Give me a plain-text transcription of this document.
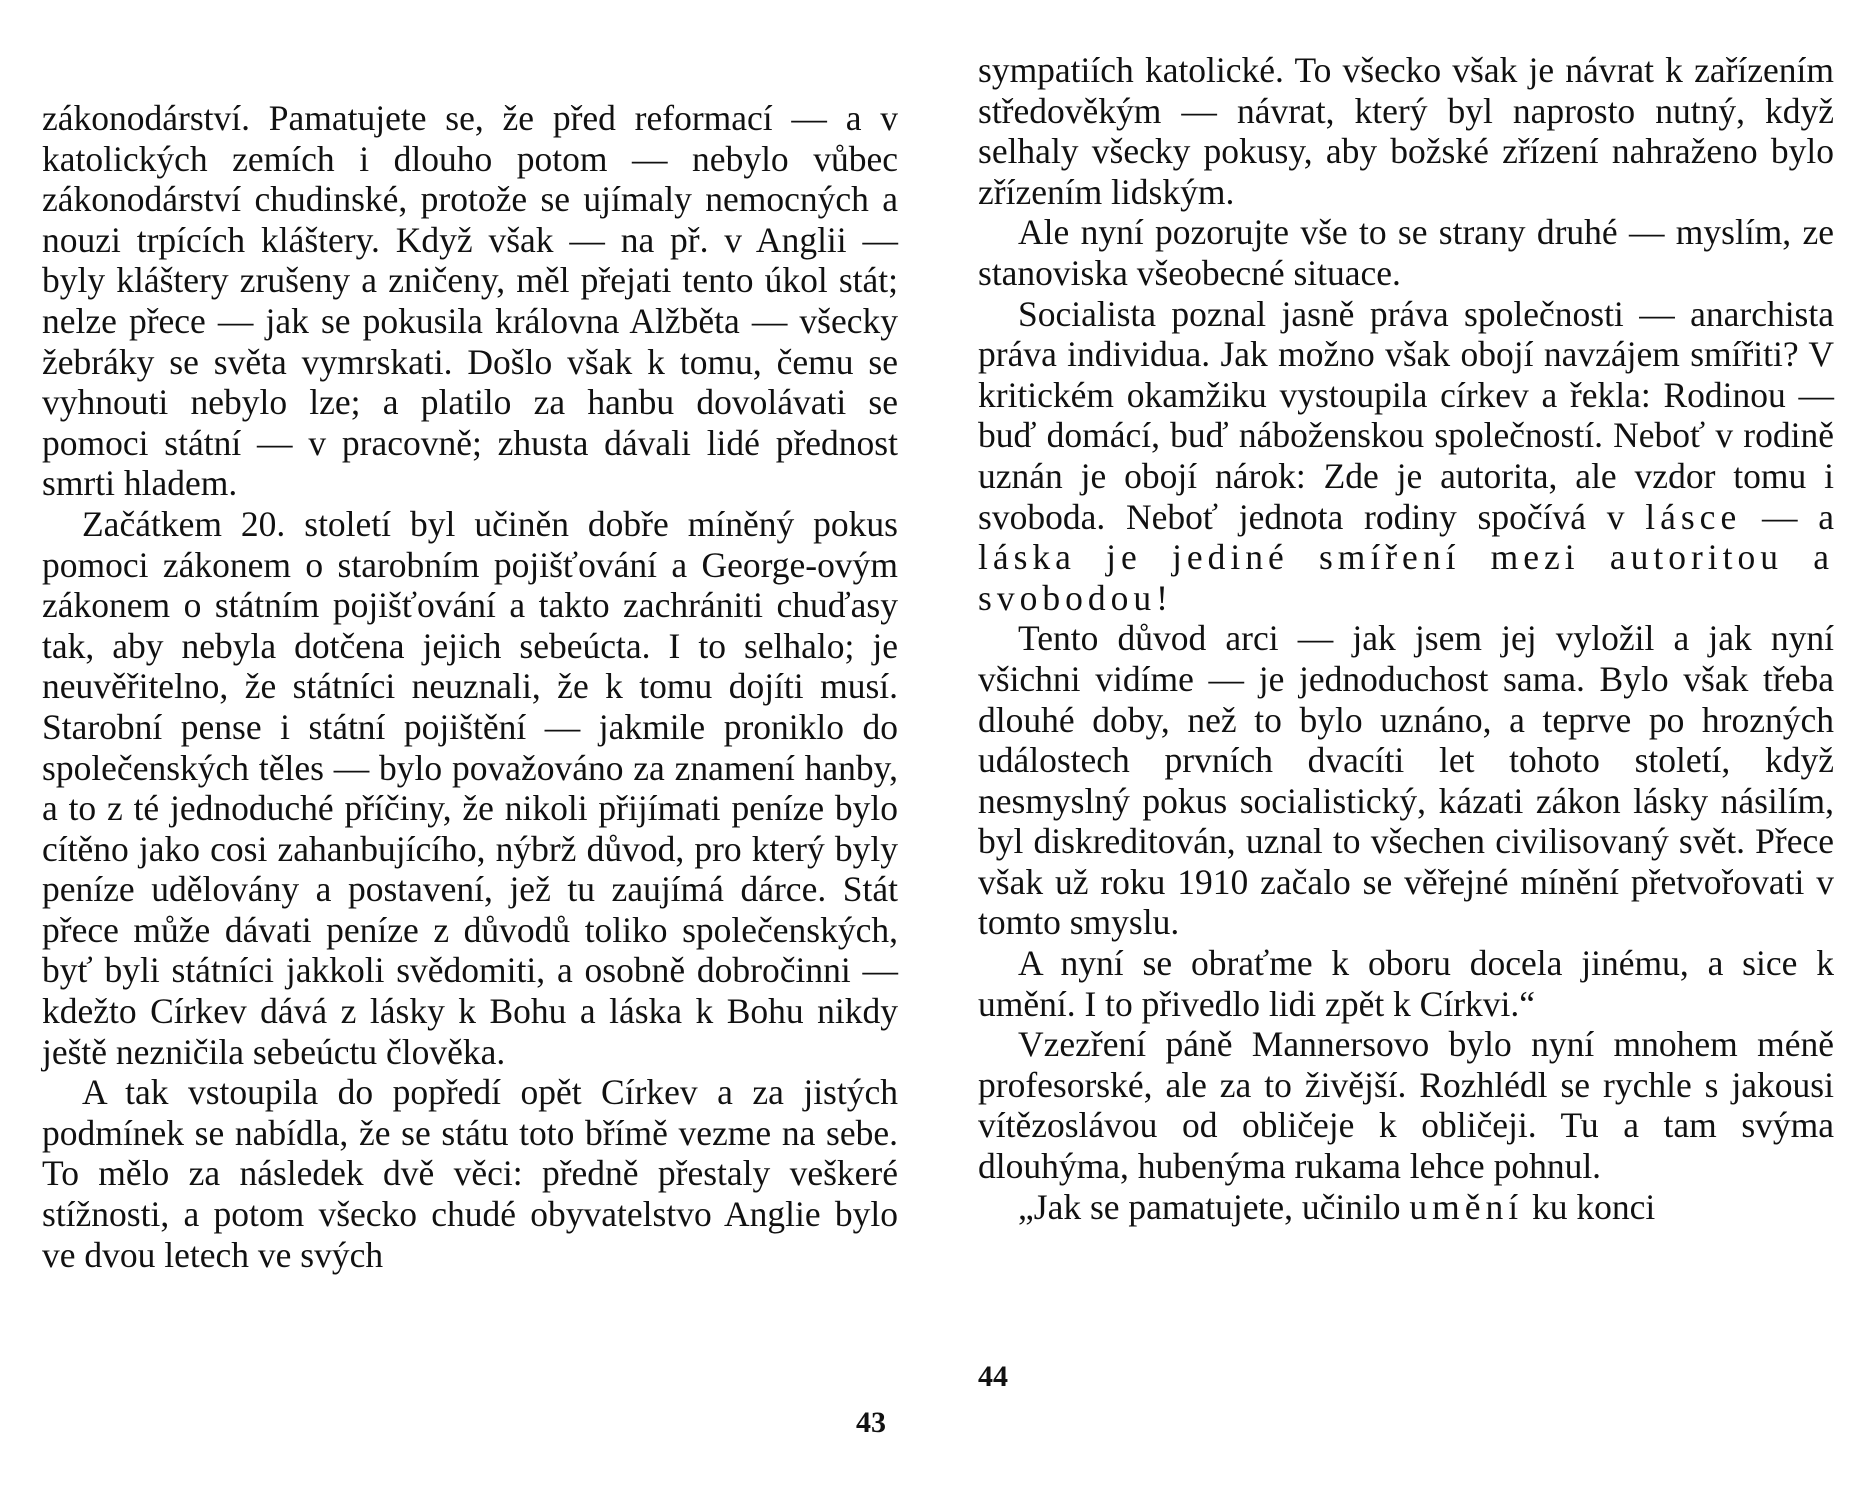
zákonodárství. Pamatujete se, že před reformací — a v katolických zemích i dlouho potom — nebylo vůbec zákonodárství chudinské, protože se ujímaly nemocných a nouzi trpících kláštery. Když však — na př. v Anglii — byly kláštery zrušeny a zničeny, měl přejati tento úkol stát; nelze přece — jak se pokusila královna Alžběta — všecky žebráky se světa vymrskati. Došlo však k tomu, čemu se vyhnouti nebylo lze; a platilo za hanbu dovolávati se pomoci státní — v pracovně; zhusta dávali lidé přednost smrti hladem.

Začátkem 20. století byl učiněn dobře míněný pokus pomoci zákonem o starobním pojišťování a George-ovým zákonem o státním pojišťování a takto zachrániti chuďasy tak, aby nebyla dotčena jejich sebeúcta. I to selhalo; je neuvěřitelno, že státníci neuznali, že k tomu dojíti musí. Starobní pense i státní pojištění — jakmile proniklo do společenských těles — bylo považováno za znamení hanby, a to z té jednoduché příčiny, že nikoli přijímati peníze bylo cítěno jako cosi zahanbujícího, nýbrž důvod, pro který byly peníze udělovány a postavení, jež tu zaujímá dárce. Stát přece může dávati peníze z důvodů toliko společenských, byť byli státníci jakkoli svědomiti, a osobně dobročinni — kdežto Církev dává z lásky k Bohu a láska k Bohu nikdy ještě nezničila sebeúctu člověka.

A tak vstoupila do popředí opět Církev a za jistých podmínek se nabídla, že se státu toto břímě vezme na sebe. To mělo za následek dvě věci: předně přestaly veškeré stížnosti, a potom všecko chudé obyvatelstvo Anglie bylo ve dvou letech ve svých

43

sympatiích katolické. To všecko však je návrat k zařízením středověkým — návrat, který byl naprosto nutný, když selhaly všecky pokusy, aby božské zřízení nahraženo bylo zřízením lidským.

Ale nyní pozorujte vše to se strany druhé — myslím, ze stanoviska všeobecné situace.

Socialista poznal jasně práva společnosti — anarchista práva individua. Jak možno však obojí navzájem smířiti? V kritickém okamžiku vystoupila církev a řekla: Rodinou — buď domácí, buď náboženskou společností. Neboť v rodině uznán je obojí nárok: Zde je autorita, ale vzdor tomu i svoboda. Neboť jednota rodiny spočívá v lásce — a láska je jediné smíření mezi autoritou a svobodou!

Tento důvod arci — jak jsem jej vyložil a jak nyní všichni vidíme — je jednoduchost sama. Bylo však třeba dlouhé doby, než to bylo uznáno, a teprve po hrozných událostech prvních dvacíti let tohoto století, když nesmyslný pokus socialistický, kázati zákon lásky násilím, byl diskreditován, uznal to všechen civilisovaný svět. Přece však už roku 1910 začalo se věřejné mínění přetvořovati v tomto smyslu.

A nyní se obraťme k oboru docela jinému, a sice k umění. I to přivedlo lidi zpět k Církvi.“

Vzezření páně Mannersovo bylo nyní mnohem méně profesorské, ale za to živější. Rozhlédl se rychle s jakousi vítězoslávou od obličeje k obličeji. Tu a tam svýma dlouhýma, hubenýma rukama lehce pohnul.

„Jak se pamatujete, učinilo umění ku konci

44
